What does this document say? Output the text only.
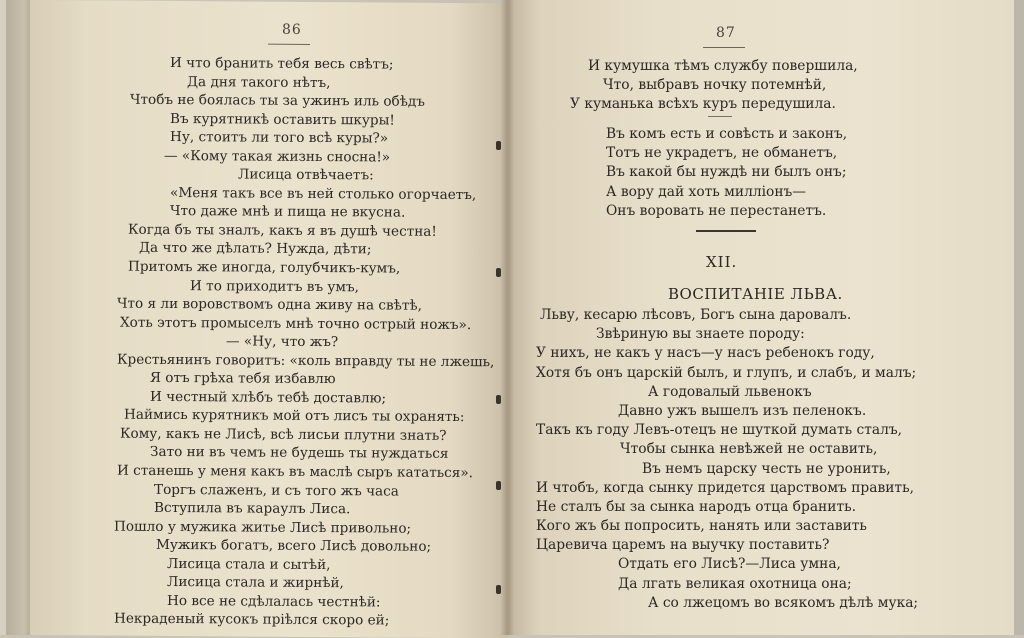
86
И что бранить тебя весь свѣтъ;
Да дня такого нѣтъ,
Чтобъ не боялась ты за ужинъ иль обѣдъ
Въ курятникѣ оставить шкуры!
Ну, стоитъ ли того всѣ куры?»
— «Кому такая жизнь сносна!»
Лисица отвѣчаетъ:
«Меня такъ все въ ней столько огорчаетъ,
Что даже мнѣ и пища не вкусна.
Когда бъ ты зналъ, какъ я въ душѣ честна!
Да что же дѣлать? Нужда, дѣти;
Притомъ же иногда, голубчикъ-кумъ,
И то приходитъ въ умъ,
Что я ли воровствомъ одна живу на свѣтѣ,
Хоть этотъ промыселъ мнѣ точно острый ножъ».
— «Ну, что жъ?
Крестьянинъ говоритъ: «коль вправду ты не лжешь,
Я отъ грѣха тебя избавлю
И честный хлѣбъ тебѣ доставлю;
Наймись курятникъ мой отъ лисъ ты охранять:
Кому, какъ не Лисѣ, всѣ лисьи плутни знать?
Зато ни въ чемъ не будешь ты нуждаться
И станешь у меня какъ въ маслѣ сыръ кататься».
Торгъ слаженъ, и съ того жъ часа
Вступила въ караулъ Лиса.
Пошло у мужика житье Лисѣ привольно;
Мужикъ богатъ, всего Лисѣ довольно;
Лисица стала и сытѣй,
Лисица стала и жирнѣй,
Но все не сдѣлалась честнѣй:
Некраденый кусокъ пріѣлся скоро ей;
87
И кумушка тѣмъ службу повершила,
Что, выбравъ ночку потемнѣй,
У куманька всѣхъ куръ передушила.
Въ комъ есть и совѣсть и законъ,
Тотъ не украдетъ, не обманетъ,
Въ какой бы нуждѣ ни былъ онъ;
А вору дай хоть милліонъ—
Онъ воровать не перестанетъ.
XII.
ВОСПИТАНІЕ ЛЬВА.
Льву, кесарю лѣсовъ, Богъ сына даровалъ.
Звѣриную вы знаете породу:
У нихъ, не какъ у насъ—у насъ ребенокъ году,
Хотя бъ онъ царскій былъ, и глупъ, и слабъ, и малъ;
А годовалый львенокъ
Давно ужъ вышелъ изъ пеленокъ.
Такъ къ году Левъ-отецъ не шуткой думать сталъ,
Чтобы сынка невѣжей не оставить,
Въ немъ царску честь не уронить,
И чтобъ, когда сынку придется царствомъ править,
Не сталъ бы за сынка народъ отца бранить.
Кого жъ бы попросить, нанять или заставить
Царевича царемъ на выучку поставить?
Отдать его Лисѣ?—Лиса умна,
Да лгать великая охотница она;
А со лжецомъ во всякомъ дѣлѣ мука;
